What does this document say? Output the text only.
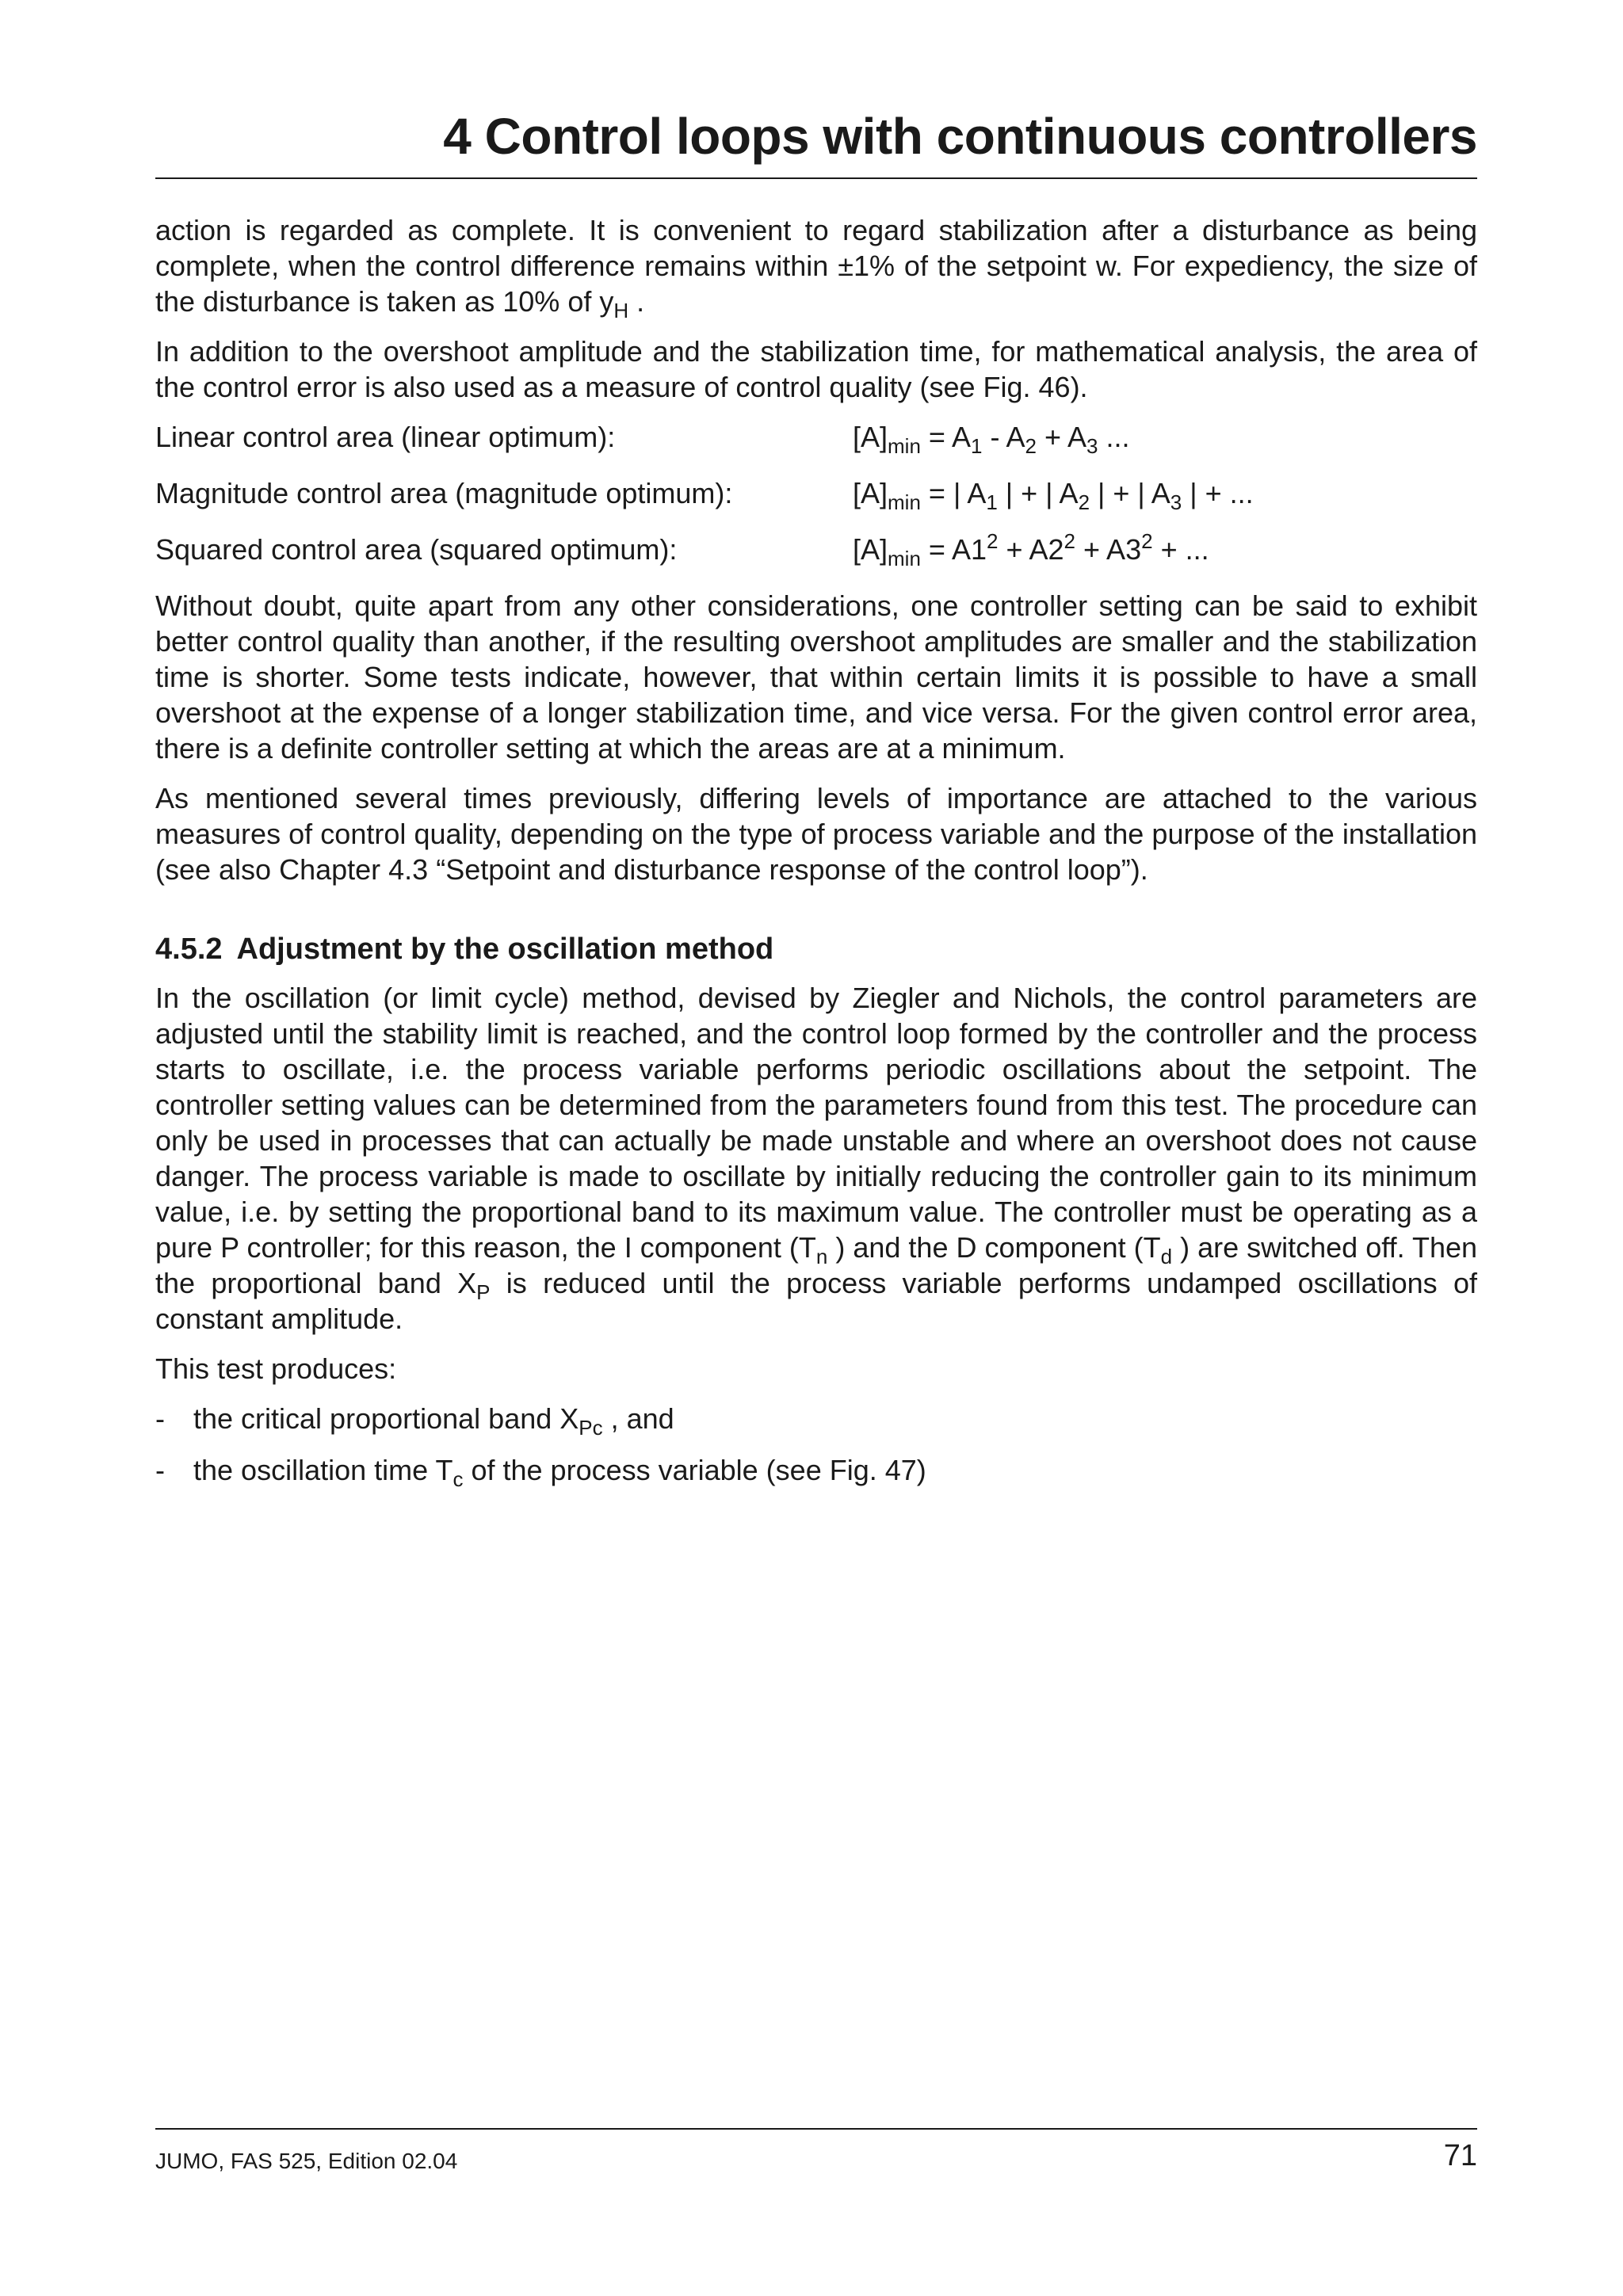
4 Control loops with continuous controllers

action is regarded as complete. It is convenient to regard stabilization after a disturbance as being complete, when the control difference remains within ±1% of the setpoint w. For expediency, the size of the disturbance is taken as 10% of $y_H$ .

In addition to the overshoot amplitude and the stabilization time, for mathematical analysis, the area of the control error is also used as a measure of control quality (see Fig. 46).

Linear control area (linear optimum):	$[A]_{min} = A_1 - A_2 + A_3$ ...
Magnitude control area (magnitude optimum):	$[A]_{min}$ = | $A_1$ | + | $A_2$ | + | $A_3$ | + ...
Squared control area (squared optimum):	$[A]_{min} = A1^2 + A2^2 + A3^2$ + ...

Without doubt, quite apart from any other considerations, one controller setting can be said to exhibit better control quality than another, if the resulting overshoot amplitudes are smaller and the stabilization time is shorter. Some tests indicate, however, that within certain limits it is possible to have a small overshoot at the expense of a longer stabilization time, and vice versa. For the given control error area, there is a definite controller setting at which the areas are at a minimum.

As mentioned several times previously, differing levels of importance are attached to the various measures of control quality, depending on the type of process variable and the purpose of the installation (see also Chapter 4.3 “Setpoint and disturbance response of the control loop”).

4.5.2 Adjustment by the oscillation method

In the oscillation (or limit cycle) method, devised by Ziegler and Nichols, the control parameters are adjusted until the stability limit is reached, and the control loop formed by the controller and the process starts to oscillate, i.e. the process variable performs periodic oscillations about the setpoint. The controller setting values can be determined from the parameters found from this test. The procedure can only be used in processes that can actually be made unstable and where an overshoot does not cause danger. The process variable is made to oscillate by initially reducing the controller gain to its minimum value, i.e. by setting the proportional band to its maximum value. The controller must be operating as a pure P controller; for this reason, the I component ($T_n$ ) and the D component ($T_d$ ) are switched off. Then the proportional band $X_P$ is reduced until the process variable performs undamped oscillations of constant amplitude.

This test produces:

-	the critical proportional band $X_{Pc}$ , and
-	the oscillation time $T_c$ of the process variable (see Fig. 47)
JUMO, FAS 525, Edition 02.04	71
